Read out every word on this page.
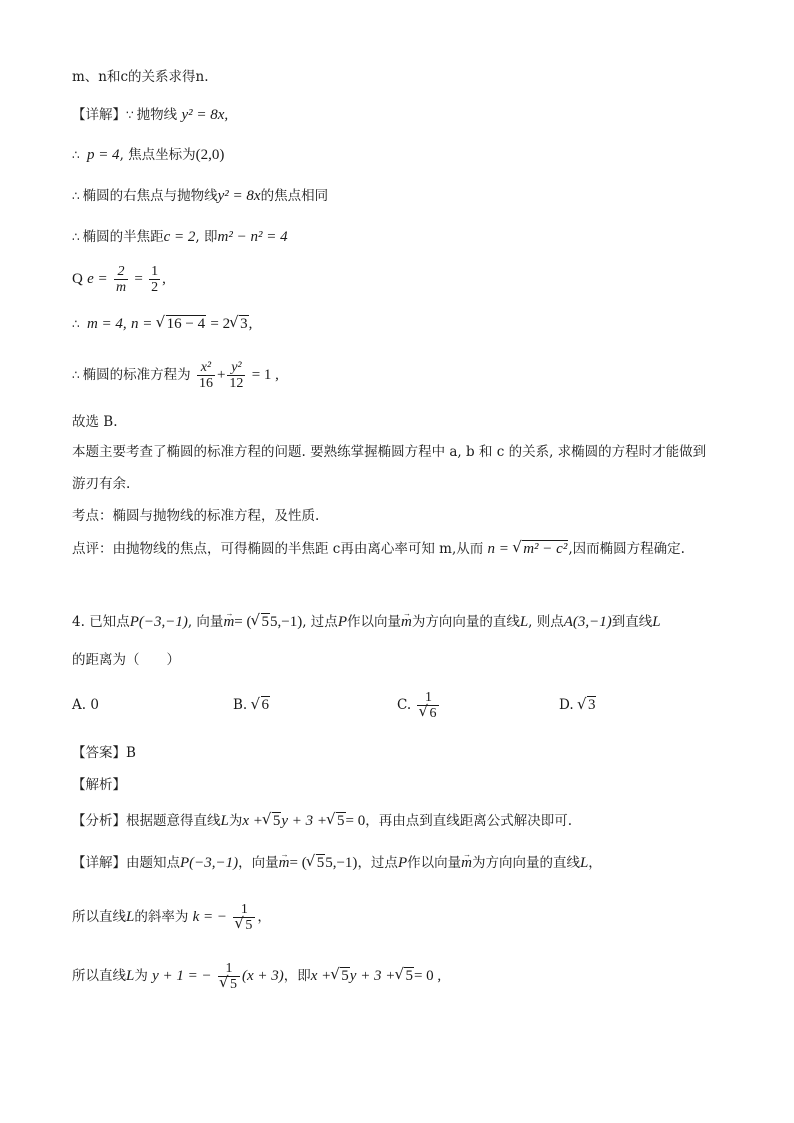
m、n和c的关系求得n.
【详解】∵ 抛物线 y² = 8x,
∴ p = 4, 焦点坐标为(2,0)
∴ 椭圆的右焦点与抛物线y² = 8x的焦点相同
∴ 椭圆的半焦距c = 2, 即m² − n² = 4
Q $e = \frac{2}{m} = \frac{1}{2}$ ,
∴ m = 4, n = √ 16 − 4 = 2 √ 3,
∴ 椭圆的标准方程为 $\frac{\text{x²}}{16} + \frac{\text{y²}}{12} = 1$ ,
故选 B.
本题主要考查了椭圆的标准方程的问题. 要熟练掌握椭圆方程中 a, b 和 c 的关系, 求椭圆的方程时才能做到
游刃有余.
考点：椭圆与抛物线的标准方程，及性质.
点评：由抛物线的焦点，可得椭圆的半焦距 c再由离心率可知 m,从而 n = √ m² − c²,因而椭圆方程确定.
4. 已知点P(−3,−1), 向量→ m= ( √ 55,−1), 过点P作以向量→ m为方向向量的直线L, 则点A(3,−1)到直线L
的距离为（　　）
A. 0	B. √ 6	C. 1
√ 6	D. √ 3
【答案】B
【解析】
【分析】根据题意得直线L为x + √ 5y + 3 + √ 5= 0，再由点到直线距离公式解决即可.
【详解】由题知点P(−3,−1)，向量→ m= ( √ 55,−1)，过点P作以向量→ m为方向向量的直线L，
所以直线L的斜率为 k = − 1
√ 5 ，
所以直线L为 y + 1 = − 1
√ 5 (x + 3)，即x + √ 5y + 3 + √ 5= 0 ,
